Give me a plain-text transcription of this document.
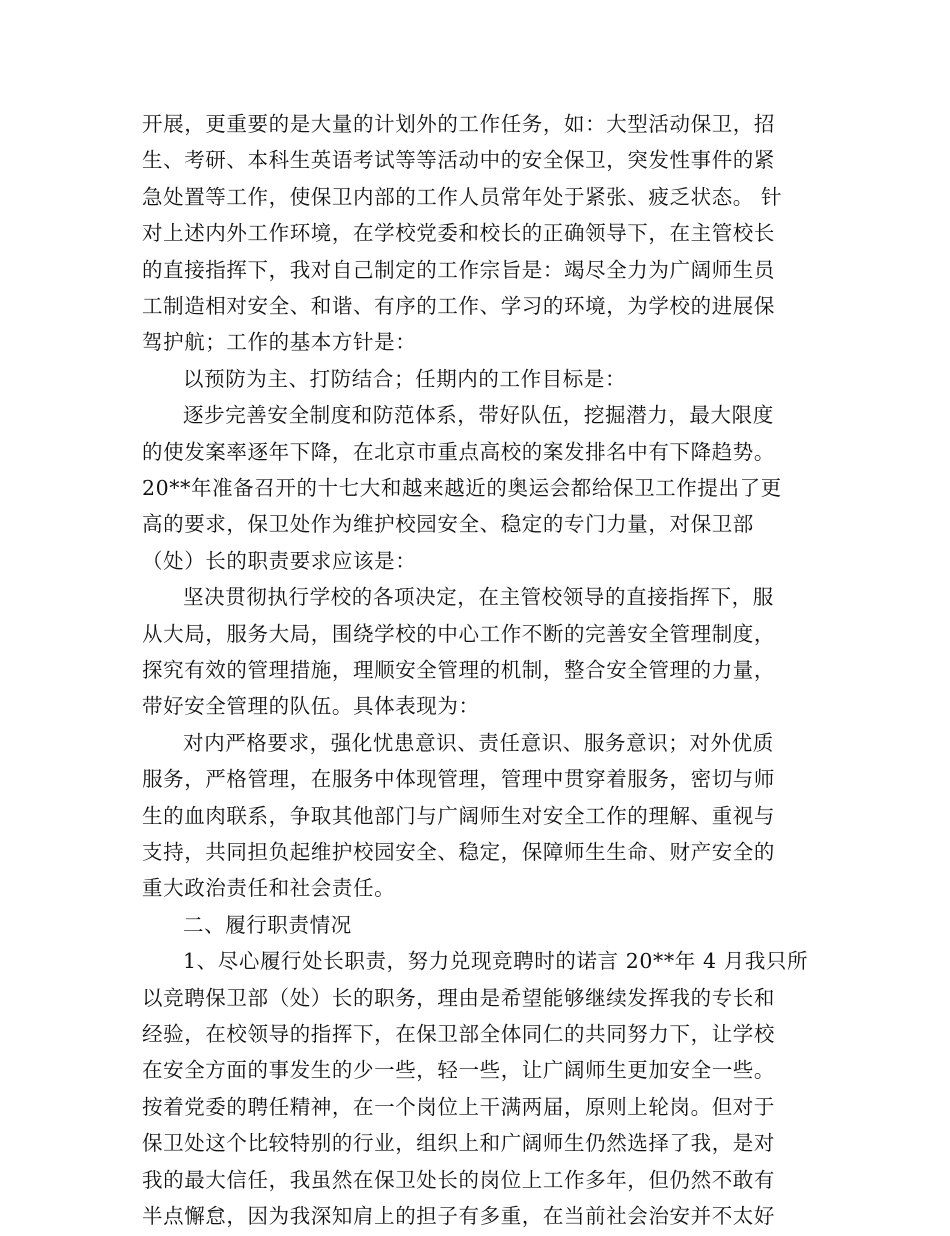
开展，更重要的是大量的计划外的工作任务，如：大型活动保卫，招
生、考研、本科生英语考试等等活动中的安全保卫，突发性事件的紧
急处置等工作，使保卫内部的工作人员常年处于紧张、疲乏状态。 针
对上述内外工作环境，在学校党委和校长的正确领导下，在主管校长
的直接指挥下，我对自己制定的工作宗旨是：竭尽全力为广阔师生员
工制造相对安全、和谐、有序的工作、学习的环境，为学校的进展保
驾护航；工作的基本方针是：
以预防为主、打防结合；任期内的工作目标是：
逐步完善安全制度和防范体系，带好队伍，挖掘潜力，最大限度
的使发案率逐年下降，在北京市重点高校的案发排名中有下降趋势。
20**年准备召开的十七大和越来越近的奥运会都给保卫工作提出了更
高的要求，保卫处作为维护校园安全、稳定的专门力量，对保卫部
（处）长的职责要求应该是：
坚决贯彻执行学校的各项决定，在主管校领导的直接指挥下，服
从大局，服务大局，围绕学校的中心工作不断的完善安全管理制度，
探究有效的管理措施，理顺安全管理的机制，整合安全管理的力量，
带好安全管理的队伍。具体表现为：
对内严格要求，强化忧患意识、责任意识、服务意识；对外优质
服务，严格管理，在服务中体现管理，管理中贯穿着服务，密切与师
生的血肉联系，争取其他部门与广阔师生对安全工作的理解、重视与
支持，共同担负起维护校园安全、稳定，保障师生生命、财产安全的
重大政治责任和社会责任。
二、履行职责情况
1、尽心履行处长职责，努力兑现竞聘时的诺言 20**年 4 月我只所
以竞聘保卫部（处）长的职务，理由是希望能够继续发挥我的专长和
经验，在校领导的指挥下，在保卫部全体同仁的共同努力下，让学校
在安全方面的事发生的少一些，轻一些，让广阔师生更加安全一些。
按着党委的聘任精神，在一个岗位上干满两届，原则上轮岗。但对于
保卫处这个比较特别的行业，组织上和广阔师生仍然选择了我，是对
我的最大信任，我虽然在保卫处长的岗位上工作多年，但仍然不敢有
半点懈怠，因为我深知肩上的担子有多重，在当前社会治安并不太好
